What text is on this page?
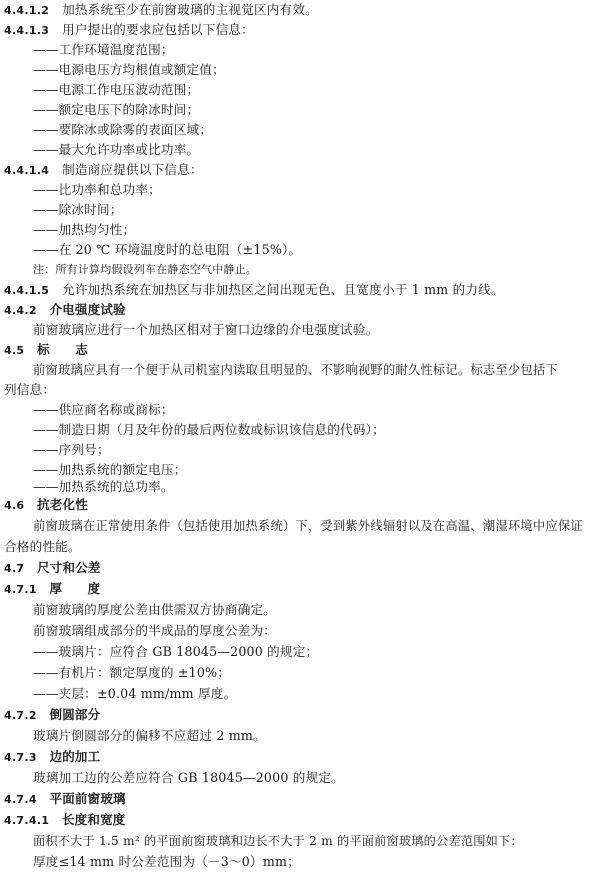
4.4.1.2　 加热系统至少在前窗玻璃的主视觉区内有效。
4.4.1.3　 用户提出的要求应包括以下信息：
——工作环境温度范围；
——电源电压方均根值或额定值；
——电源工作电压波动范围；
——额定电压下的除冰时间；
——要除冰或除雾的表面区域；
——最大允许功率或比功率。
4.4.1.4　 制造商应提供以下信息：
——比功率和总功率；
——除冰时间；
——加热均匀性；
——在 20 ℃ 环境温度时的总电阻（±15%）。
注：所有计算均假设列车在静态空气中静止。
4.4.1.5　 允许加热系统在加热区与非加热区之间出现无色、且宽度小于 1 mm 的力线。
4.4.2　 介电强度试验
前窗玻璃应进行一个加热区相对于窗口边缘的介电强度试验。
4.5　 标　　志
前窗玻璃应具有一个便于从司机室内读取且明显的、不影响视野的耐久性标记。标志至少包括下
列信息：
——供应商名称或商标；
——制造日期（月及年份的最后两位数或标识该信息的代码）；
——序列号；
——加热系统的额定电压；
——加热系统的总功率。
4.6　 抗老化性
前窗玻璃在正常使用条件（包括使用加热系统）下，受到紫外线辐射以及在高温、潮湿环境中应保证
合格的性能。
4.7　 尺寸和公差
4.7.1　 厚　　度
前窗玻璃的厚度公差由供需双方协商确定。
前窗玻璃组成部分的半成品的厚度公差为：
——玻璃片：应符合 GB 18045—2000 的规定；
——有机片：额定厚度的 ±10%；
——夹层：±0.04 mm/mm 厚度。
4.7.2　 倒圆部分
玻璃片倒圆部分的偏移不应超过 2 mm。
4.7.3　 边的加工
玻璃加工边的公差应符合 GB 18045—2000 的规定。
4.7.4　 平面前窗玻璃
4.7.4.1　 长度和宽度
面积不大于 1.5 m² 的平面前窗玻璃和边长不大于 2 m 的平面前窗玻璃的公差范围如下：
厚度≤14 mm 时公差范围为（－3～0）mm；
